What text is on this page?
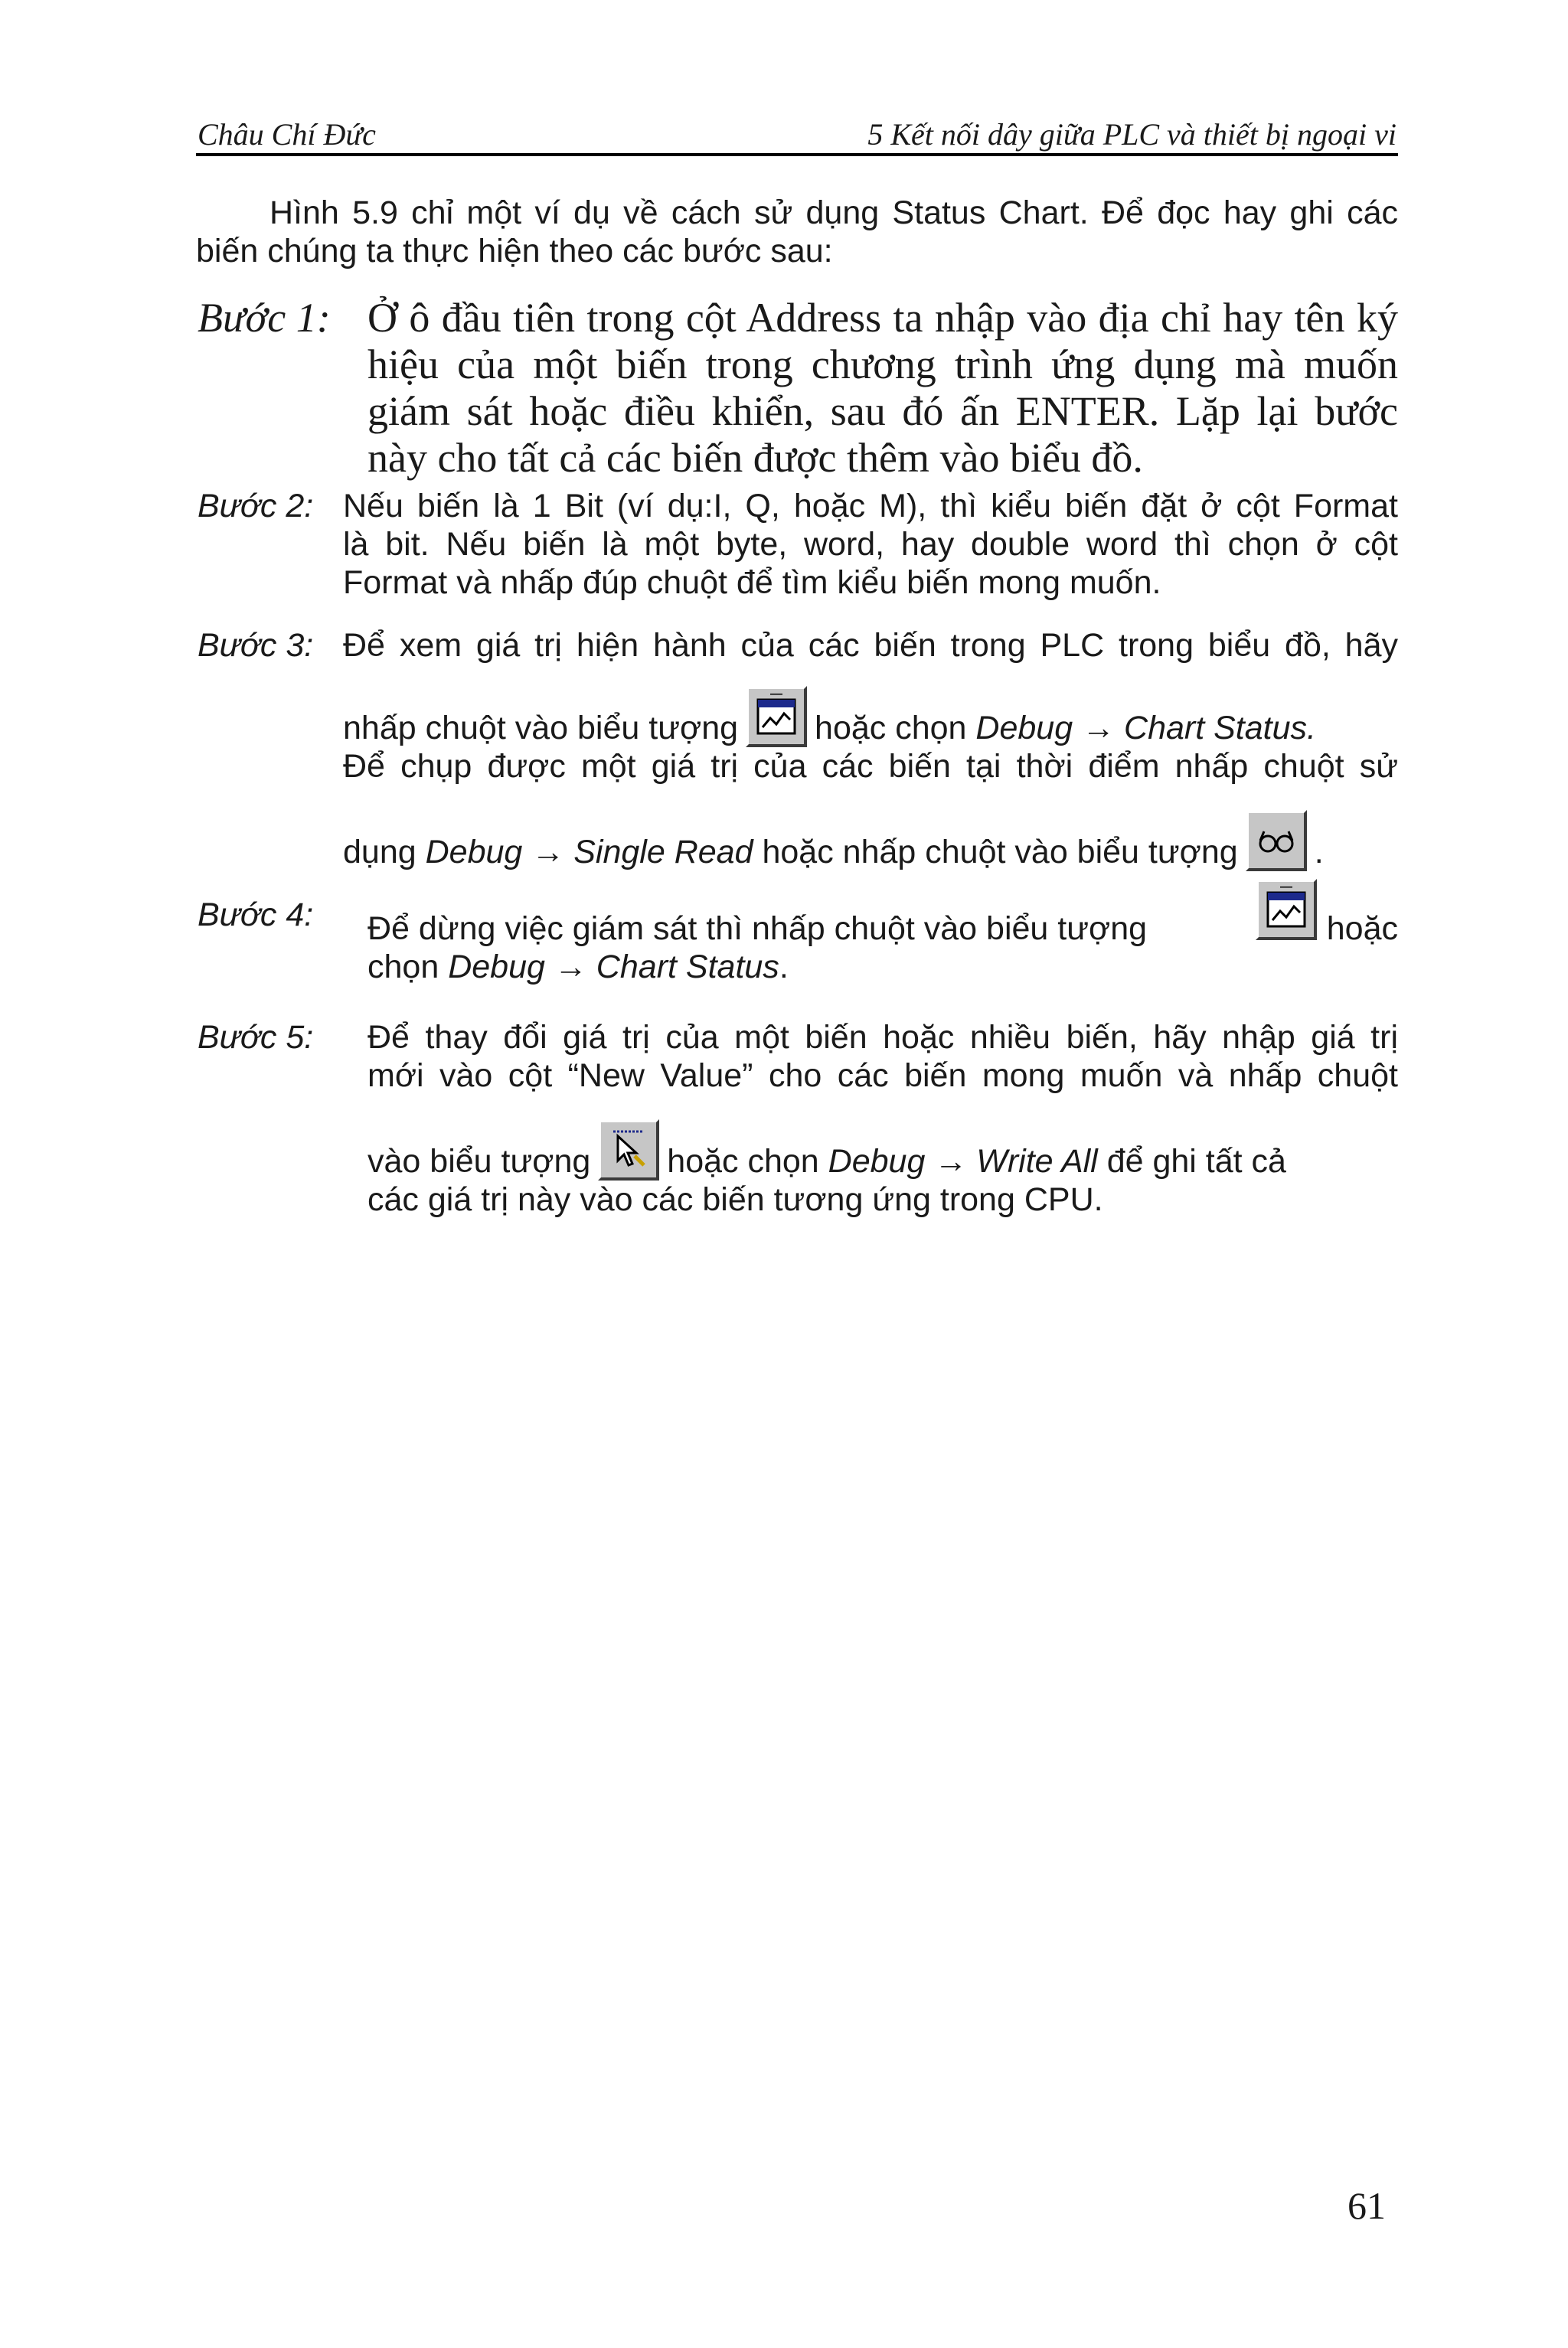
Châu Chí Đức	5 Kết nối dây giữa PLC và thiết bị ngoại vi
Hình 5.9 chỉ một ví dụ về cách sử dụng Status Chart. Để đọc hay ghi các
biến chúng ta thực hiện theo các bước sau:
Bước 1: Ở ô đầu tiên trong cột Address ta nhập vào địa chỉ hay tên ký
hiệu của một biến trong chương trình ứng dụng mà muốn
giám sát hoặc điều khiển, sau đó ấn ENTER. Lặp lại bước
này cho tất cả các biến được thêm vào biểu đồ.
Bước 2: Nếu biến là 1 Bit (ví dụ:I, Q, hoặc M), thì kiểu biến đặt ở cột Format
là bit. Nếu biến là một byte, word, hay double word thì chọn ở cột
Format và nhấp đúp chuột để tìm kiểu biến mong muốn.
Bước 3: Để xem giá trị hiện hành của các biến trong PLC trong biểu đồ, hãy
nhấp chuột vào biểu tượng hoặc chọn Debug → Chart Status.
Để chụp được một giá trị của các biến tại thời điểm nhấp chuột sử
dụng Debug → Single Read hoặc nhấp chuột vào biểu tượng .
Bước 4: Để dừng việc giám sát thì nhấp chuột vào biểu tượng	hoặc
chọn Debug → Chart Status.
Bước 5: Để thay đổi giá trị của một biến hoặc nhiều biến, hãy nhập giá trị
mới vào cột “New Value” cho các biến mong muốn và nhấp chuột
vào biểu tượng hoặc chọn Debug → Write All để ghi tất cả
các giá trị này vào các biến tương ứng trong CPU.
61
